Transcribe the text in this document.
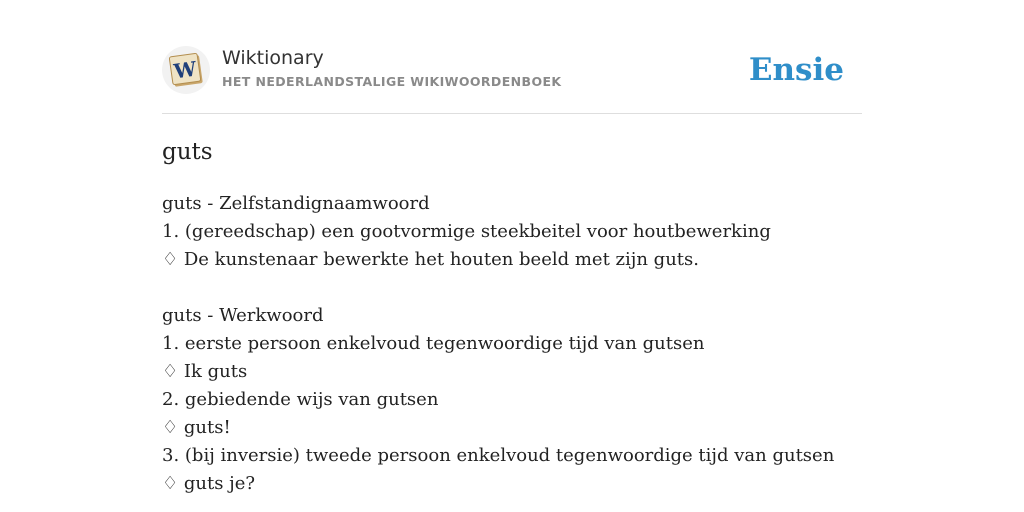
W Wiktionary
HET NEDERLANDSTALIGE WIKIWOORDENBOEK	Ensie
guts
guts - Zelfstandignaamwoord
1. (gereedschap) een gootvormige steekbeitel voor houtbewerking
♢ De kunstenaar bewerkte het houten beeld met zijn guts.
guts - Werkwoord
1. eerste persoon enkelvoud tegenwoordige tijd van gutsen
♢ Ik guts
2. gebiedende wijs van gutsen
♢ guts!
3. (bij inversie) tweede persoon enkelvoud tegenwoordige tijd van gutsen
♢ guts je?
